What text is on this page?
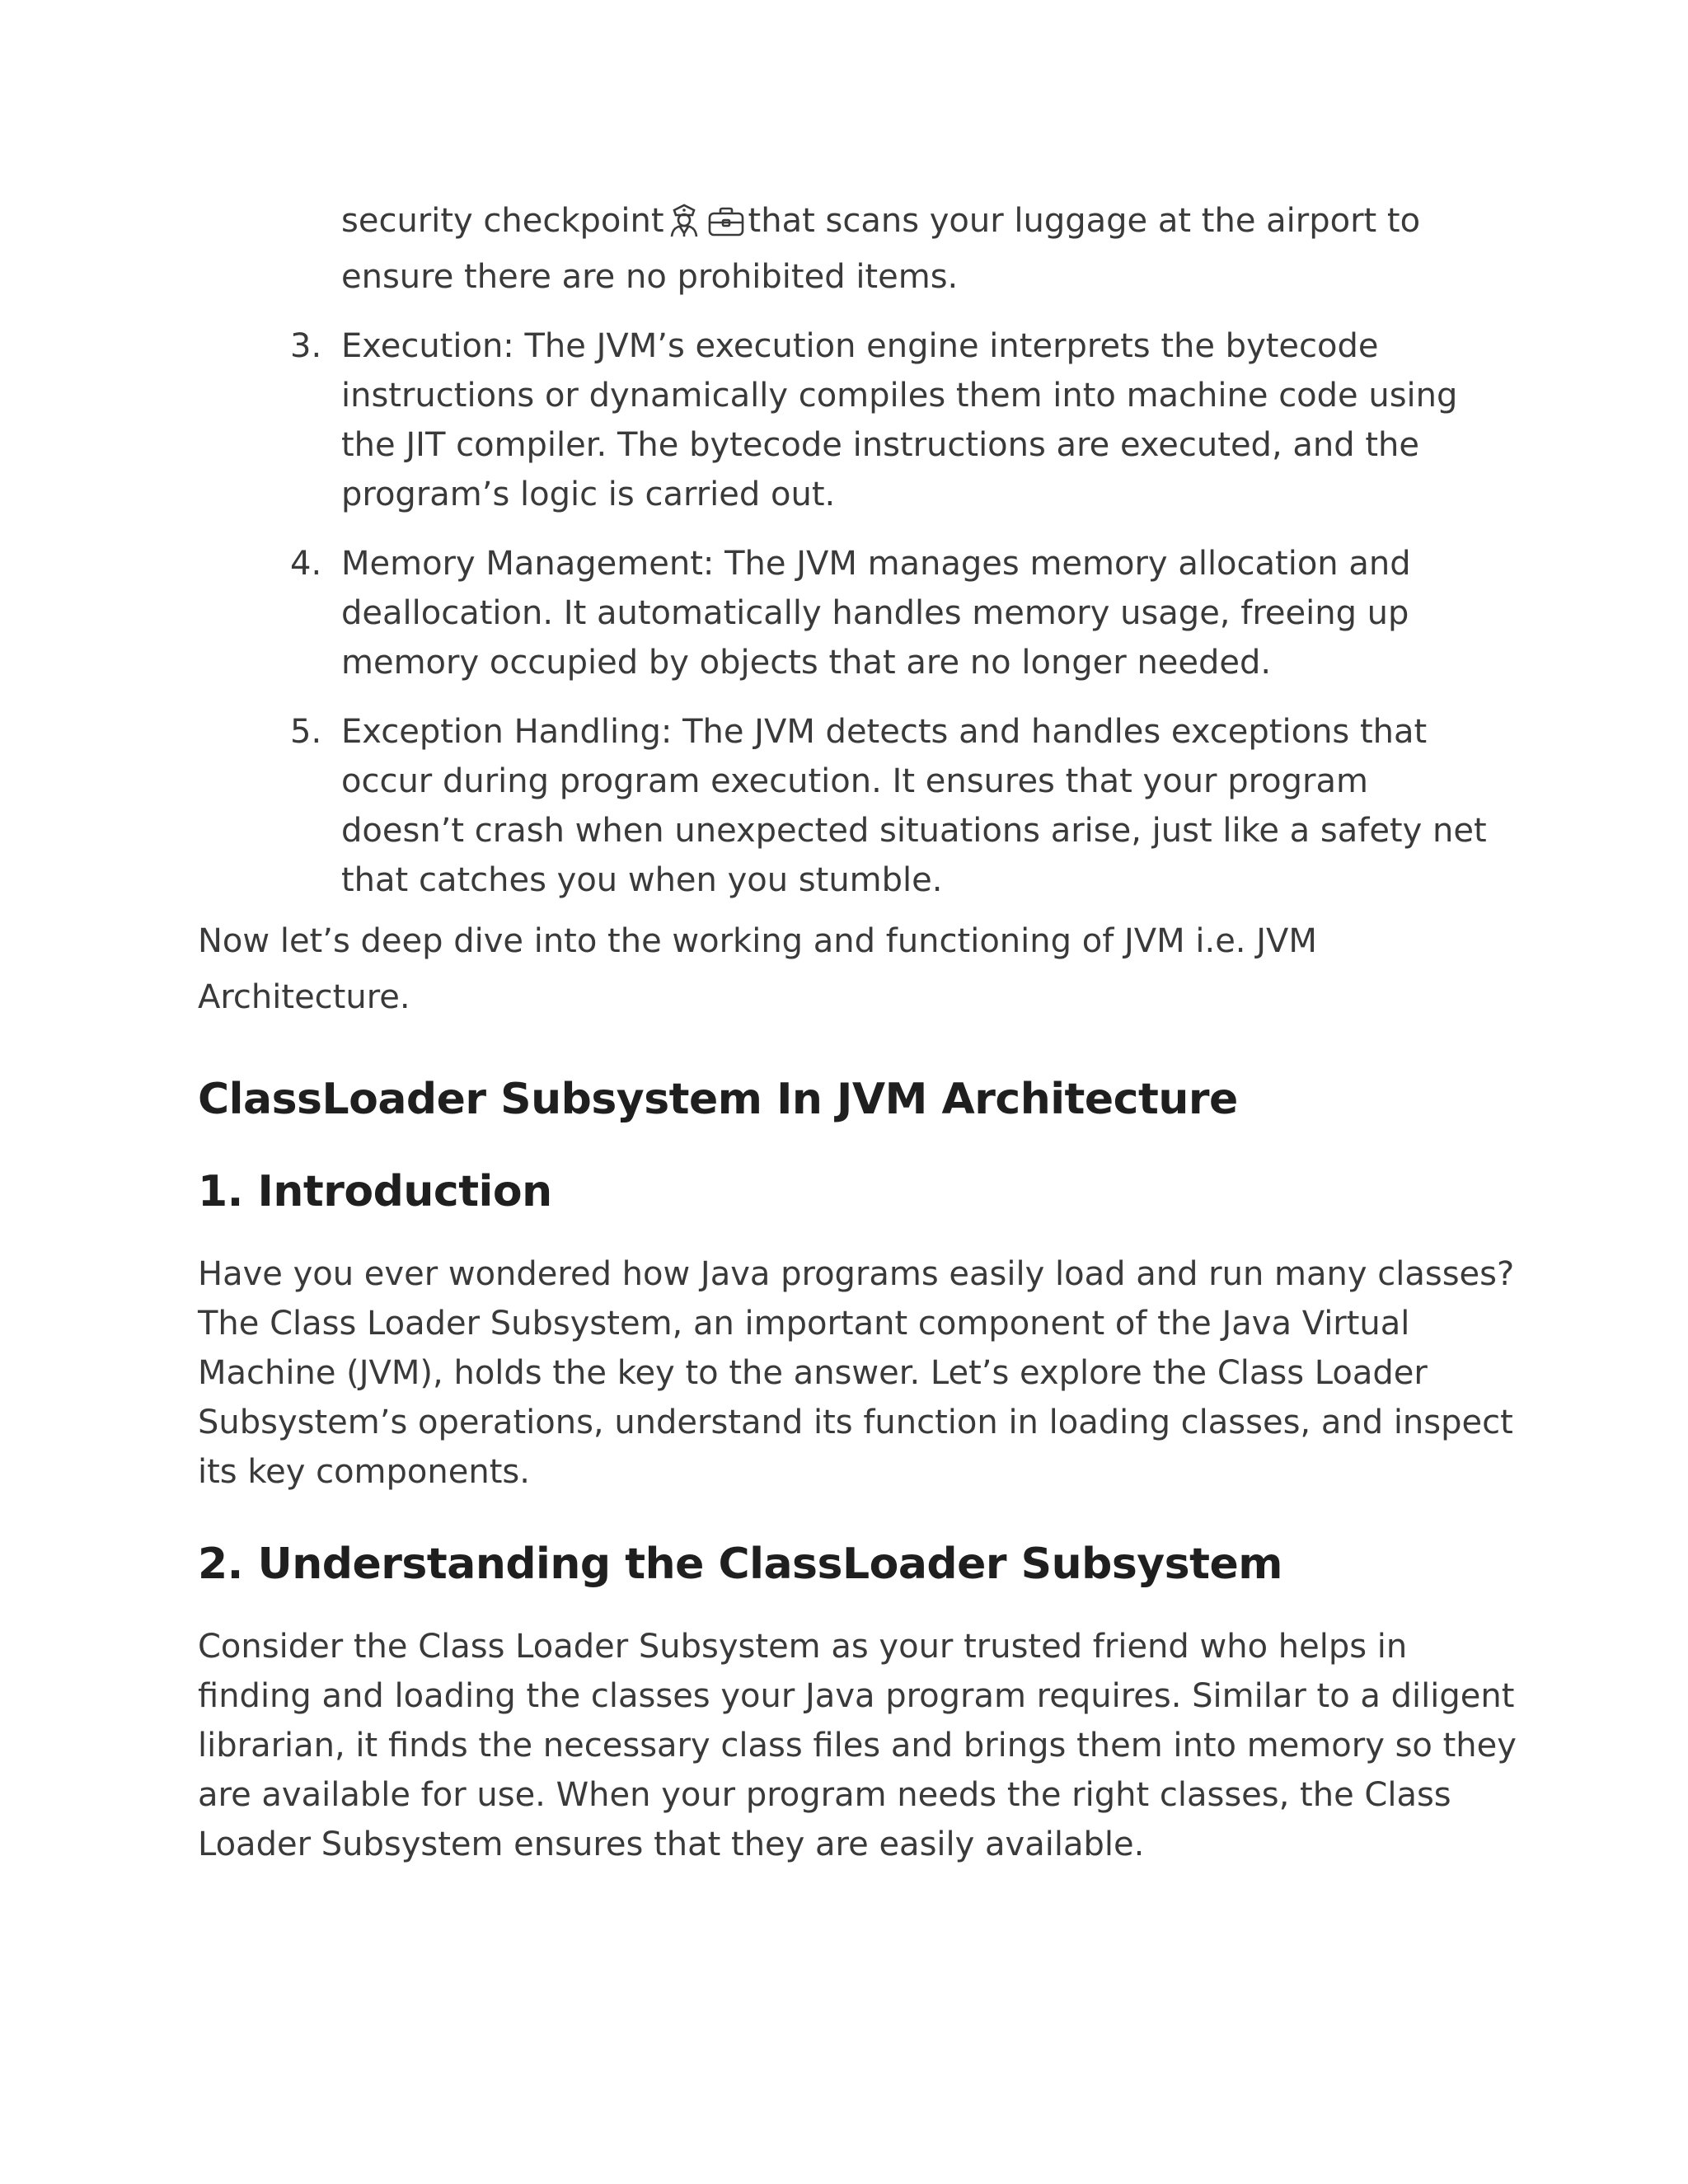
security checkpoint	that scans your luggage at the airport to ensure there are no prohibited items.
3. Execution: The JVM’s execution engine interprets the bytecode instructions or dynamically compiles them into machine code using the JIT compiler. The bytecode instructions are executed, and the program’s logic is carried out.
4. Memory Management: The JVM manages memory allocation and deallocation. It automatically handles memory usage, freeing up memory occupied by objects that are no longer needed.
5. Exception Handling: The JVM detects and handles exceptions that occur during program execution. It ensures that your program doesn’t crash when unexpected situations arise, just like a safety net that catches you when you stumble.

Now let’s deep dive into the working and functioning of JVM i.e. JVM Architecture.

ClassLoader Subsystem In JVM Architecture
1. Introduction

Have you ever wondered how Java programs easily load and run many classes? The Class Loader Subsystem, an important component of the Java Virtual Machine (JVM), holds the key to the answer. Let’s explore the Class Loader Subsystem’s operations, understand its function in loading classes, and inspect its key components.

2. Understanding the ClassLoader Subsystem

Consider the Class Loader Subsystem as your trusted friend who helps in finding and loading the classes your Java program requires. Similar to a diligent librarian, it finds the necessary class files and brings them into memory so they are available for use. When your program needs the right classes, the Class Loader Subsystem ensures that they are easily available.
